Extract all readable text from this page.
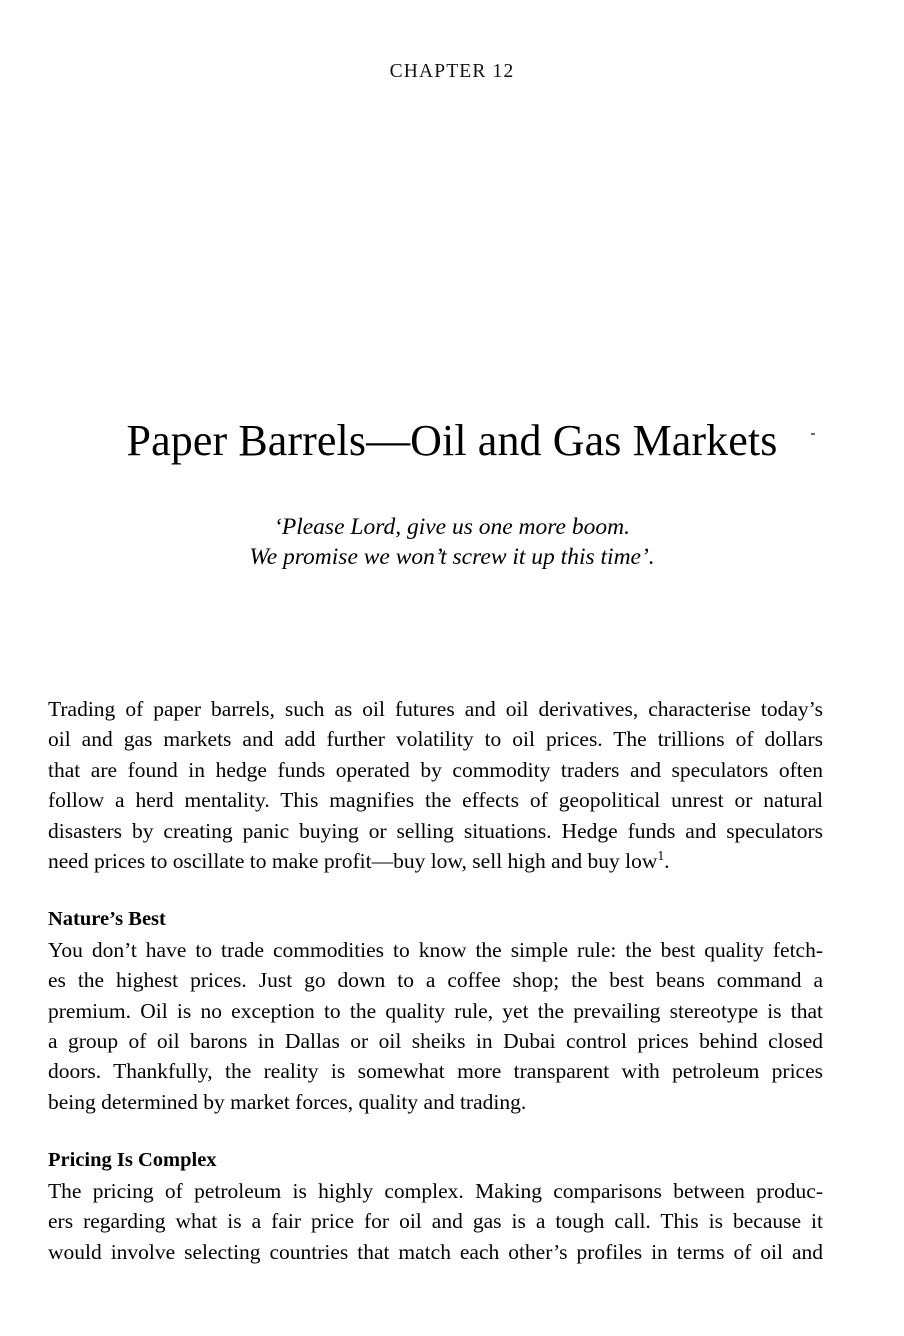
CHAPTER 12
Paper Barrels—Oil and Gas Markets
‘Please Lord, give us one more boom.
We promise we won’t screw it up this time’.

Trading of paper barrels, such as oil futures and oil derivatives, characterise today’s
oil and gas markets and add further volatility to oil prices. The trillions of dollars
that are found in hedge funds operated by commodity traders and speculators often
follow a herd mentality. This magnifies the effects of geopolitical unrest or natural
disasters by creating panic buying or selling situations. Hedge funds and speculators
need prices to oscillate to make profit—buy low, sell high and buy low$^1$.

Nature’s Best

You don’t have to trade commodities to know the simple rule: the best quality fetch-
es the highest prices. Just go down to a coffee shop; the best beans command a
premium. Oil is no exception to the quality rule, yet the prevailing stereotype is that
a group of oil barons in Dallas or oil sheiks in Dubai control prices behind closed
doors. Thankfully, the reality is somewhat more transparent with petroleum prices
being determined by market forces, quality and trading.

Pricing Is Complex

The pricing of petroleum is highly complex. Making comparisons between produc-
ers regarding what is a fair price for oil and gas is a tough call. This is because it
would involve selecting countries that match each other’s profiles in terms of oil and
